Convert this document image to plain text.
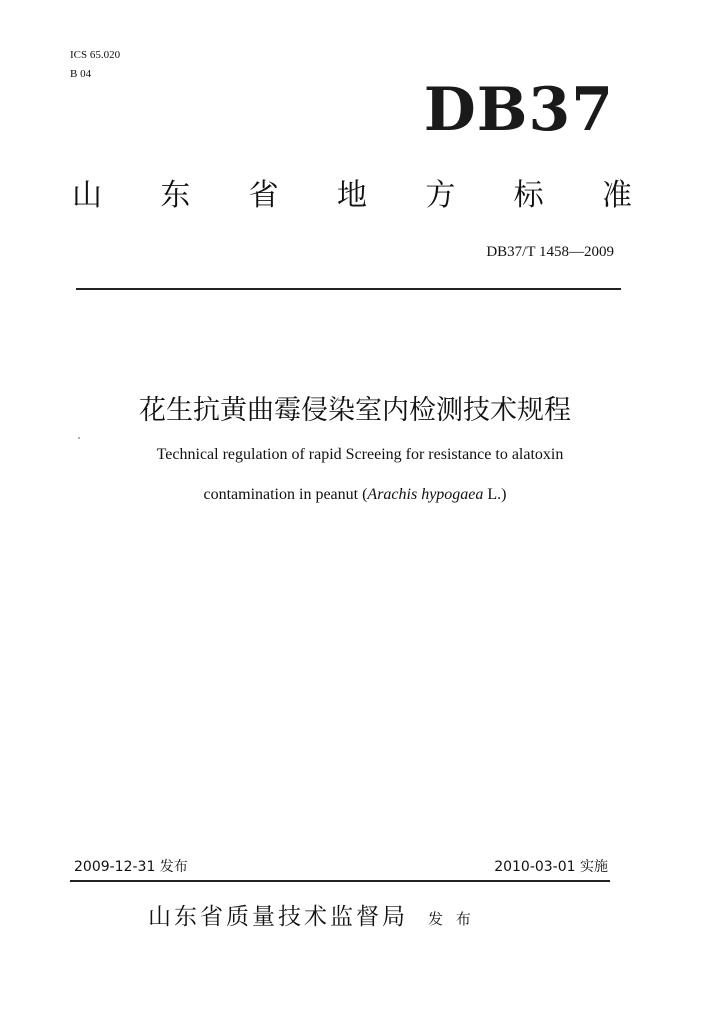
ICS 65.020
B 04
DB37
山 东 省 地 方 标 准
DB37/T 1458—2009
花生抗黄曲霉侵染室内检测技术规程
Technical regulation of rapid Screeing for resistance to alatoxin
contamination in peanut (Arachis hypogaea L.)
2009-12-31 发布	2010-03-01 实施
山东省质量技术监督局 发 布
